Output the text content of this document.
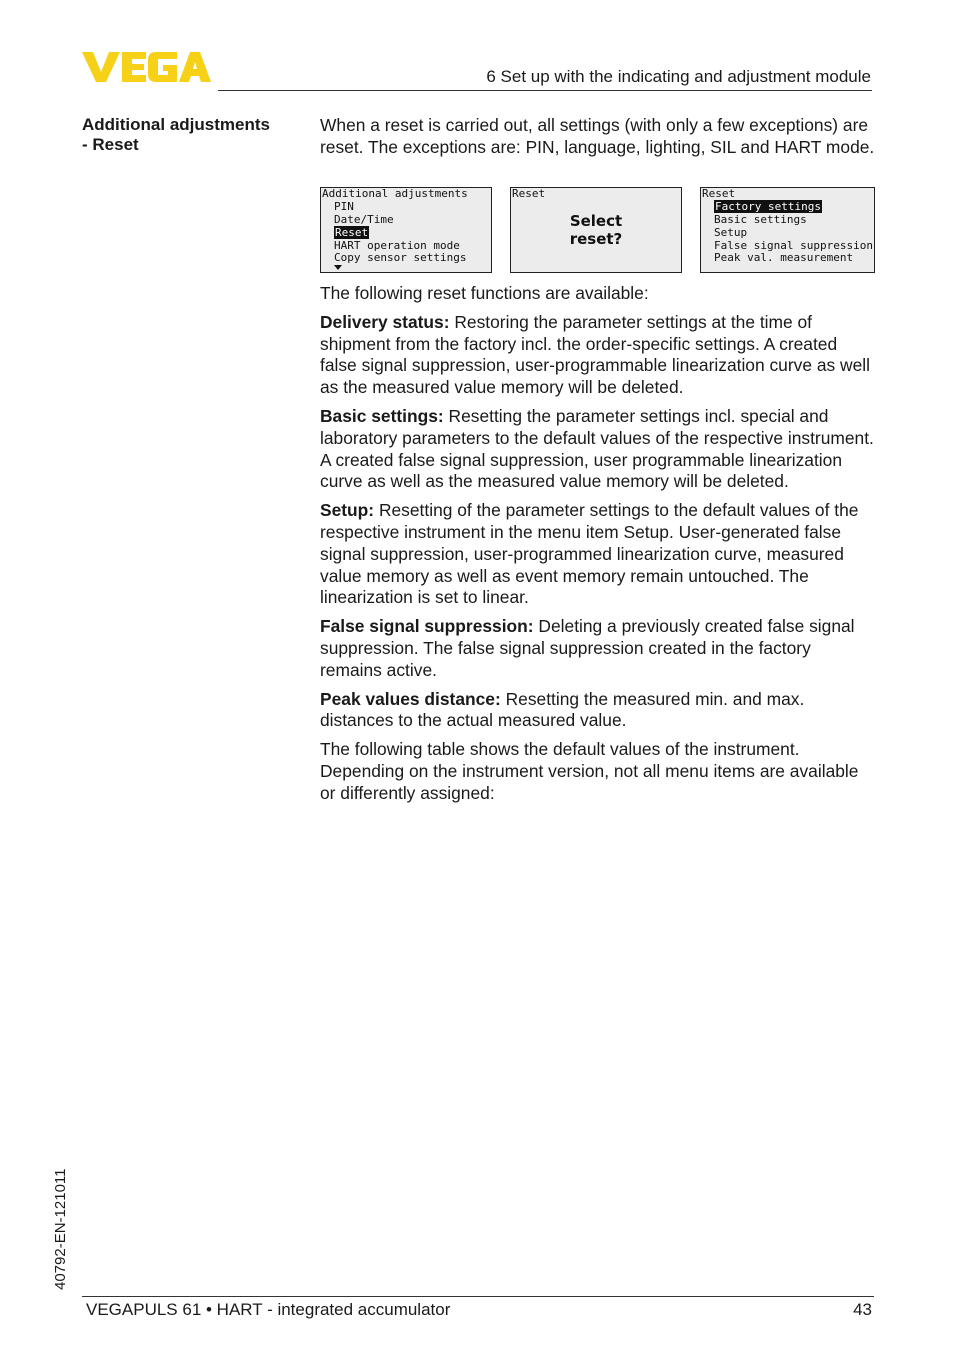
6 Set up with the indicating and adjustment module
Additional adjustments
- Reset

When a reset is carried out, all settings (with only a few exceptions) are reset. The exceptions are: PIN, language, lighting, SIL and HART mode.

Additional adjustments
PIN
Date/Time
Reset
HART operation mode
Copy sensor settings
Reset
Select
reset?
Reset
Factory settings
Basic settings
Setup
False signal suppression
Peak val. measurement

The following reset functions are available:

Delivery status: Restoring the parameter settings at the time of shipment from the factory incl. the order-specific settings. A created false signal suppression, user-programmable linearization curve as well as the measured value memory will be deleted.

Basic settings: Resetting the parameter settings incl. special and laboratory parameters to the default values of the respective instrument. A created false signal suppression, user programmable linearization curve as well as the measured value memory will be deleted.

Setup: Resetting of the parameter settings to the default values of the respective instrument in the menu item Setup. User-generated false signal suppression, user-programmed linearization curve, measured value memory as well as event memory remain untouched. The linearization is set to linear.

False signal suppression: Deleting a previously created false signal suppression. The false signal suppression created in the factory remains active.

Peak values distance: Resetting the measured min. and max. distances to the actual measured value.

The following table shows the default values of the instrument. Depending on the instrument version, not all menu items are available or differently assigned:

40792-EN-121011
VEGAPULS 61 • HART - integrated accumulator	43
